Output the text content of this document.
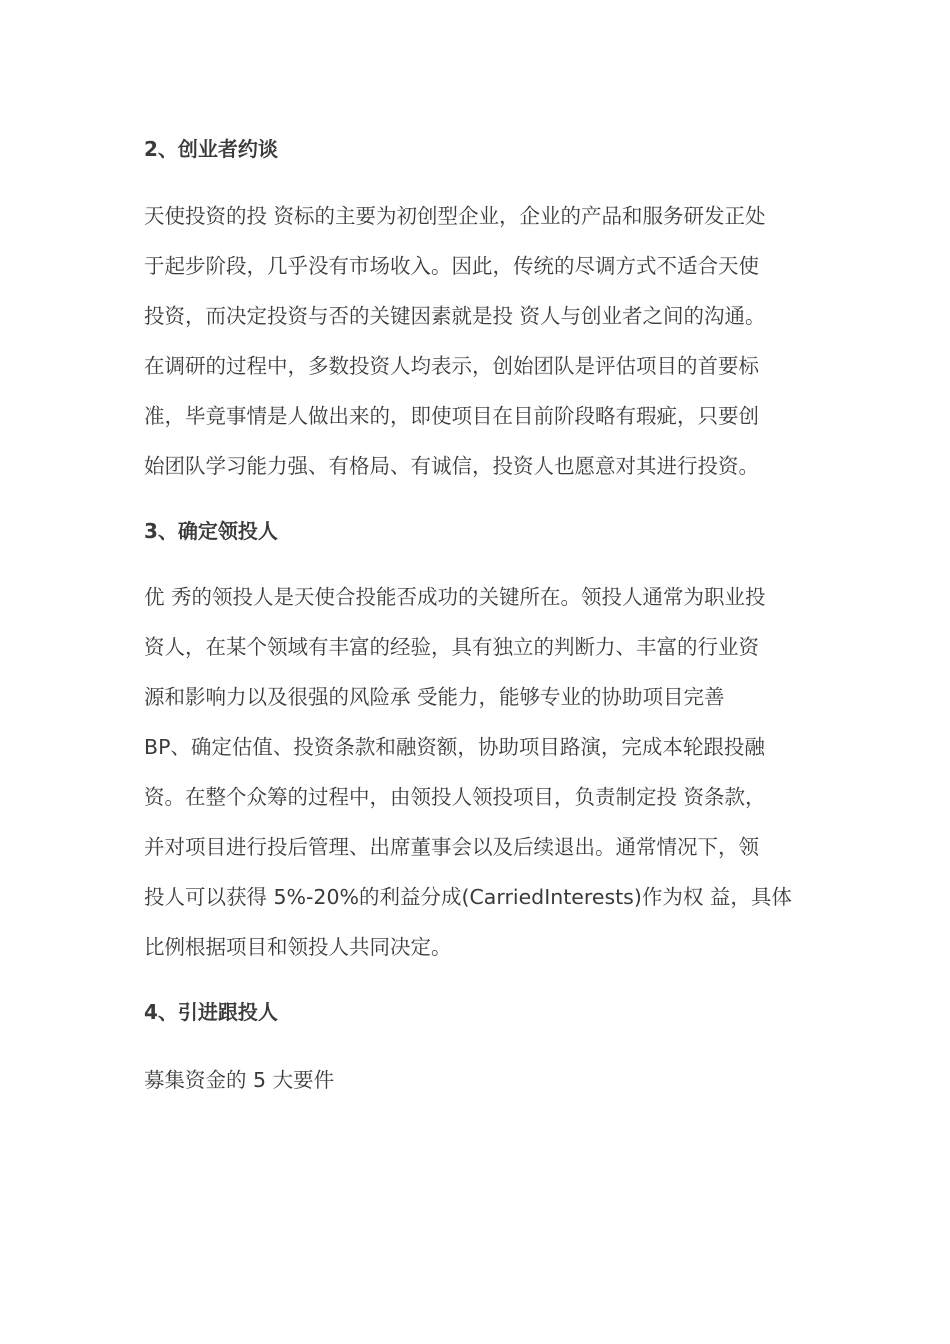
2、创业者约谈
天使投资的投 资标的主要为初创型企业，企业的产品和服务研发正处
于起步阶段，几乎没有市场收入。因此，传统的尽调方式不适合天使
投资，而决定投资与否的关键因素就是投 资人与创业者之间的沟通。
在调研的过程中，多数投资人均表示，创始团队是评估项目的首要标
准，毕竟事情是人做出来的，即使项目在目前阶段略有瑕疵，只要创
始团队学习能力强、有格局、有诚信，投资人也愿意对其进行投资。
3、确定领投人
优 秀的领投人是天使合投能否成功的关键所在。领投人通常为职业投
资人，在某个领域有丰富的经验，具有独立的判断力、丰富的行业资
源和影响力以及很强的风险承 受能力，能够专业的协助项目完善
BP、确定估值、投资条款和融资额，协助项目路演，完成本轮跟投融
资。在整个众筹的过程中，由领投人领投项目，负责制定投 资条款，
并对项目进行投后管理、出席董事会以及后续退出。通常情况下，领
投人可以获得 5%-20%的利益分成(CarriedInterests)作为权 益，具体
比例根据项目和领投人共同决定。
4、引进跟投人
募集资金的 5 大要件
